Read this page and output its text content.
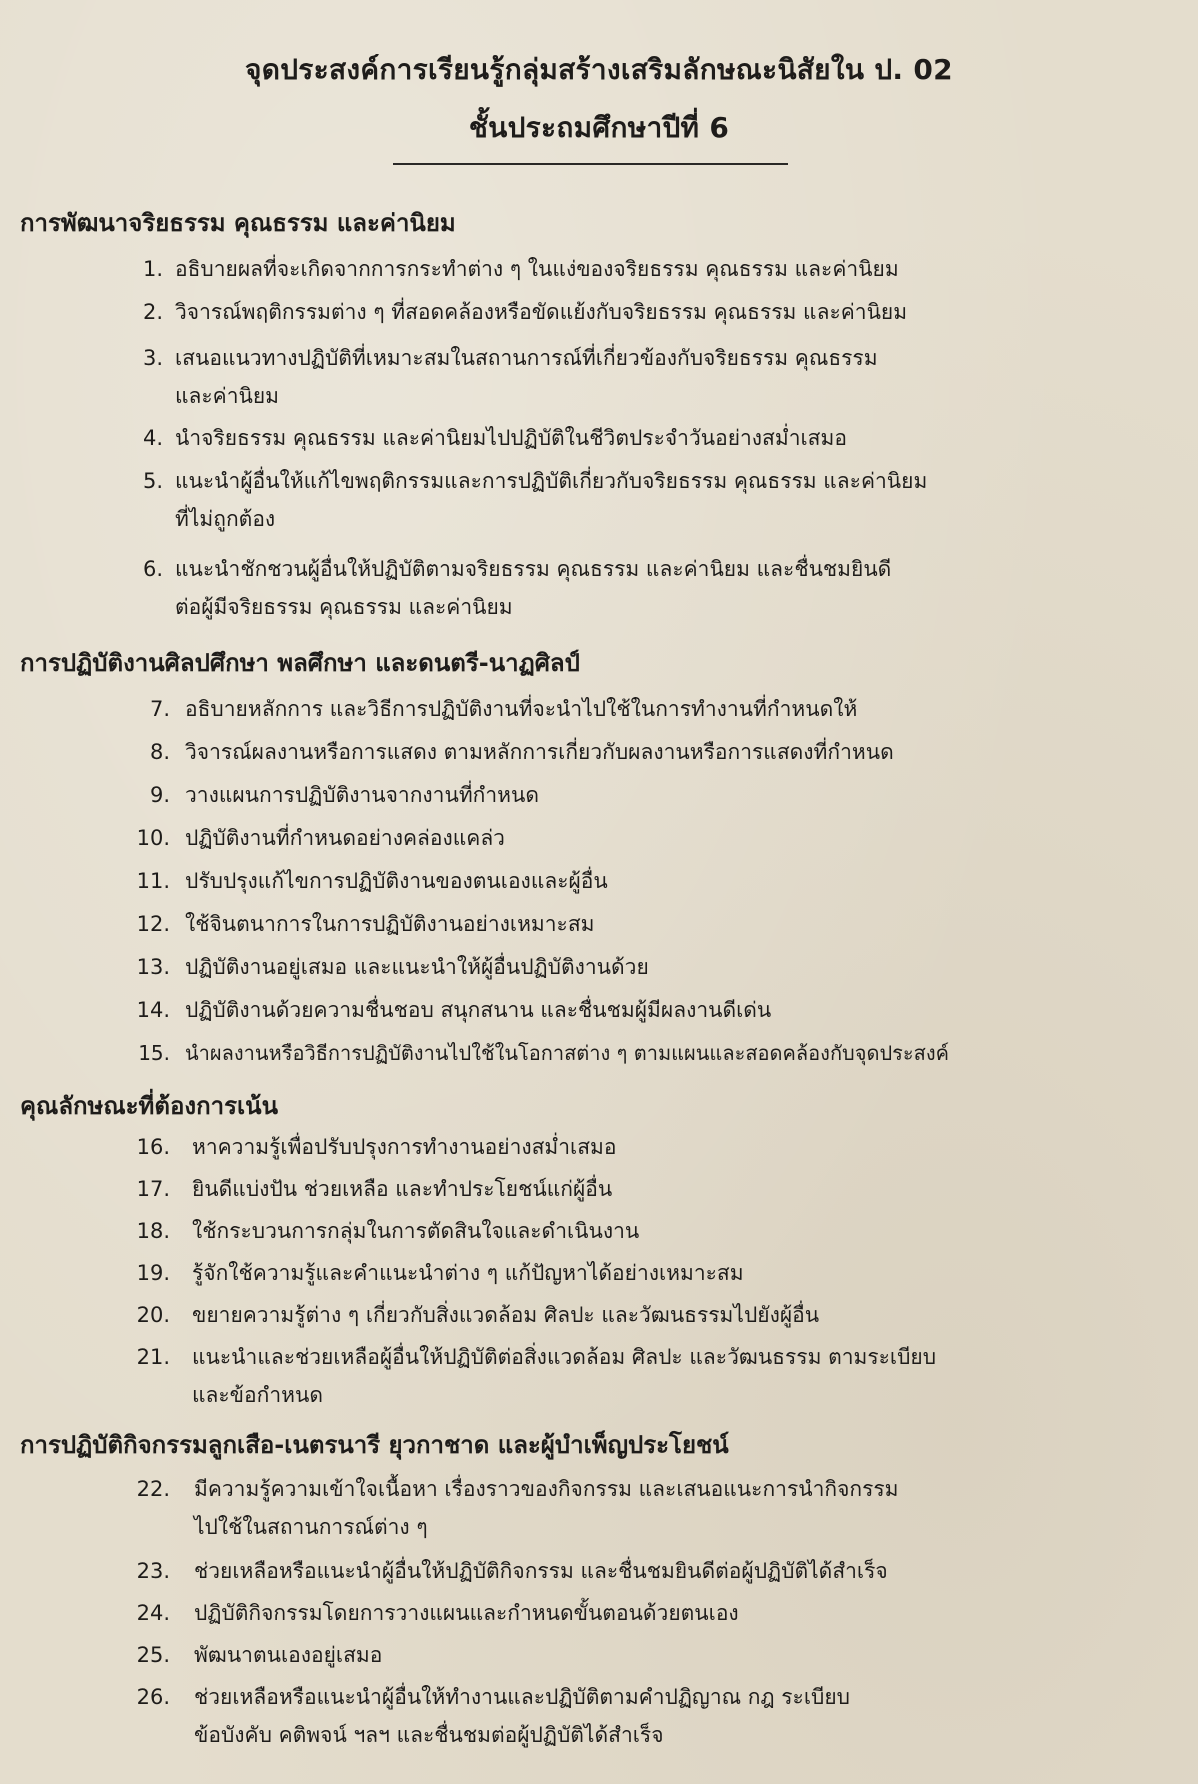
จุดประสงค์การเรียนรู้กลุ่มสร้างเสริมลักษณะนิสัยใน ป. 02
ชั้นประถมศึกษาปีที่ 6
การพัฒนาจริยธรรม คุณธรรม และค่านิยม
1. อธิบายผลที่จะเกิดจากการกระทำต่าง ๆ ในแง่ของจริยธรรม คุณธรรม และค่านิยม
2. วิจารณ์พฤติกรรมต่าง ๆ ที่สอดคล้องหรือขัดแย้งกับจริยธรรม คุณธรรม และค่านิยม
3. เสนอแนวทางปฏิบัติที่เหมาะสมในสถานการณ์ที่เกี่ยวข้องกับจริยธรรม คุณธรรม
และค่านิยม
4. นำจริยธรรม คุณธรรม และค่านิยมไปปฏิบัติในชีวิตประจำวันอย่างสม่ำเสมอ
5. แนะนำผู้อื่นให้แก้ไขพฤติกรรมและการปฏิบัติเกี่ยวกับจริยธรรม คุณธรรม และค่านิยม
ที่ไม่ถูกต้อง
6. แนะนำชักชวนผู้อื่นให้ปฏิบัติตามจริยธรรม คุณธรรม และค่านิยม และชื่นชมยินดี
ต่อผู้มีจริยธรรม คุณธรรม และค่านิยม
การปฏิบัติงานศิลปศึกษา พลศึกษา และดนตรี-นาฏศิลป์
7. อธิบายหลักการ และวิธีการปฏิบัติงานที่จะนำไปใช้ในการทำงานที่กำหนดให้
8. วิจารณ์ผลงานหรือการแสดง ตามหลักการเกี่ยวกับผลงานหรือการแสดงที่กำหนด
9. วางแผนการปฏิบัติงานจากงานที่กำหนด
10. ปฏิบัติงานที่กำหนดอย่างคล่องแคล่ว
11. ปรับปรุงแก้ไขการปฏิบัติงานของตนเองและผู้อื่น
12. ใช้จินตนาการในการปฏิบัติงานอย่างเหมาะสม
13. ปฏิบัติงานอยู่เสมอ และแนะนำให้ผู้อื่นปฏิบัติงานด้วย
14. ปฏิบัติงานด้วยความชื่นชอบ สนุกสนาน และชื่นชมผู้มีผลงานดีเด่น
15. นำผลงานหรือวิธีการปฏิบัติงานไปใช้ในโอกาสต่าง ๆ ตามแผนและสอดคล้องกับจุดประสงค์
คุณลักษณะที่ต้องการเน้น
16. หาความรู้เพื่อปรับปรุงการทำงานอย่างสม่ำเสมอ
17. ยินดีแบ่งปัน ช่วยเหลือ และทำประโยชน์แก่ผู้อื่น
18. ใช้กระบวนการกลุ่มในการตัดสินใจและดำเนินงาน
19. รู้จักใช้ความรู้และคำแนะนำต่าง ๆ แก้ปัญหาได้อย่างเหมาะสม
20. ขยายความรู้ต่าง ๆ เกี่ยวกับสิ่งแวดล้อม ศิลปะ และวัฒนธรรมไปยังผู้อื่น
21. แนะนำและช่วยเหลือผู้อื่นให้ปฏิบัติต่อสิ่งแวดล้อม ศิลปะ และวัฒนธรรม ตามระเบียบ
และข้อกำหนด
การปฏิบัติกิจกรรมลูกเสือ-เนตรนารี ยุวกาชาด และผู้บำเพ็ญประโยชน์
22. มีความรู้ความเข้าใจเนื้อหา เรื่องราวของกิจกรรม และเสนอแนะการนำกิจกรรม
ไปใช้ในสถานการณ์ต่าง ๆ
23. ช่วยเหลือหรือแนะนำผู้อื่นให้ปฏิบัติกิจกรรม และชื่นชมยินดีต่อผู้ปฏิบัติได้สำเร็จ
24. ปฏิบัติกิจกรรมโดยการวางแผนและกำหนดขั้นตอนด้วยตนเอง
25. พัฒนาตนเองอยู่เสมอ
26. ช่วยเหลือหรือแนะนำผู้อื่นให้ทำงานและปฏิบัติตามคำปฏิญาณ กฎ ระเบียบ
ข้อบังคับ คติพจน์ ฯลฯ และชื่นชมต่อผู้ปฏิบัติได้สำเร็จ
